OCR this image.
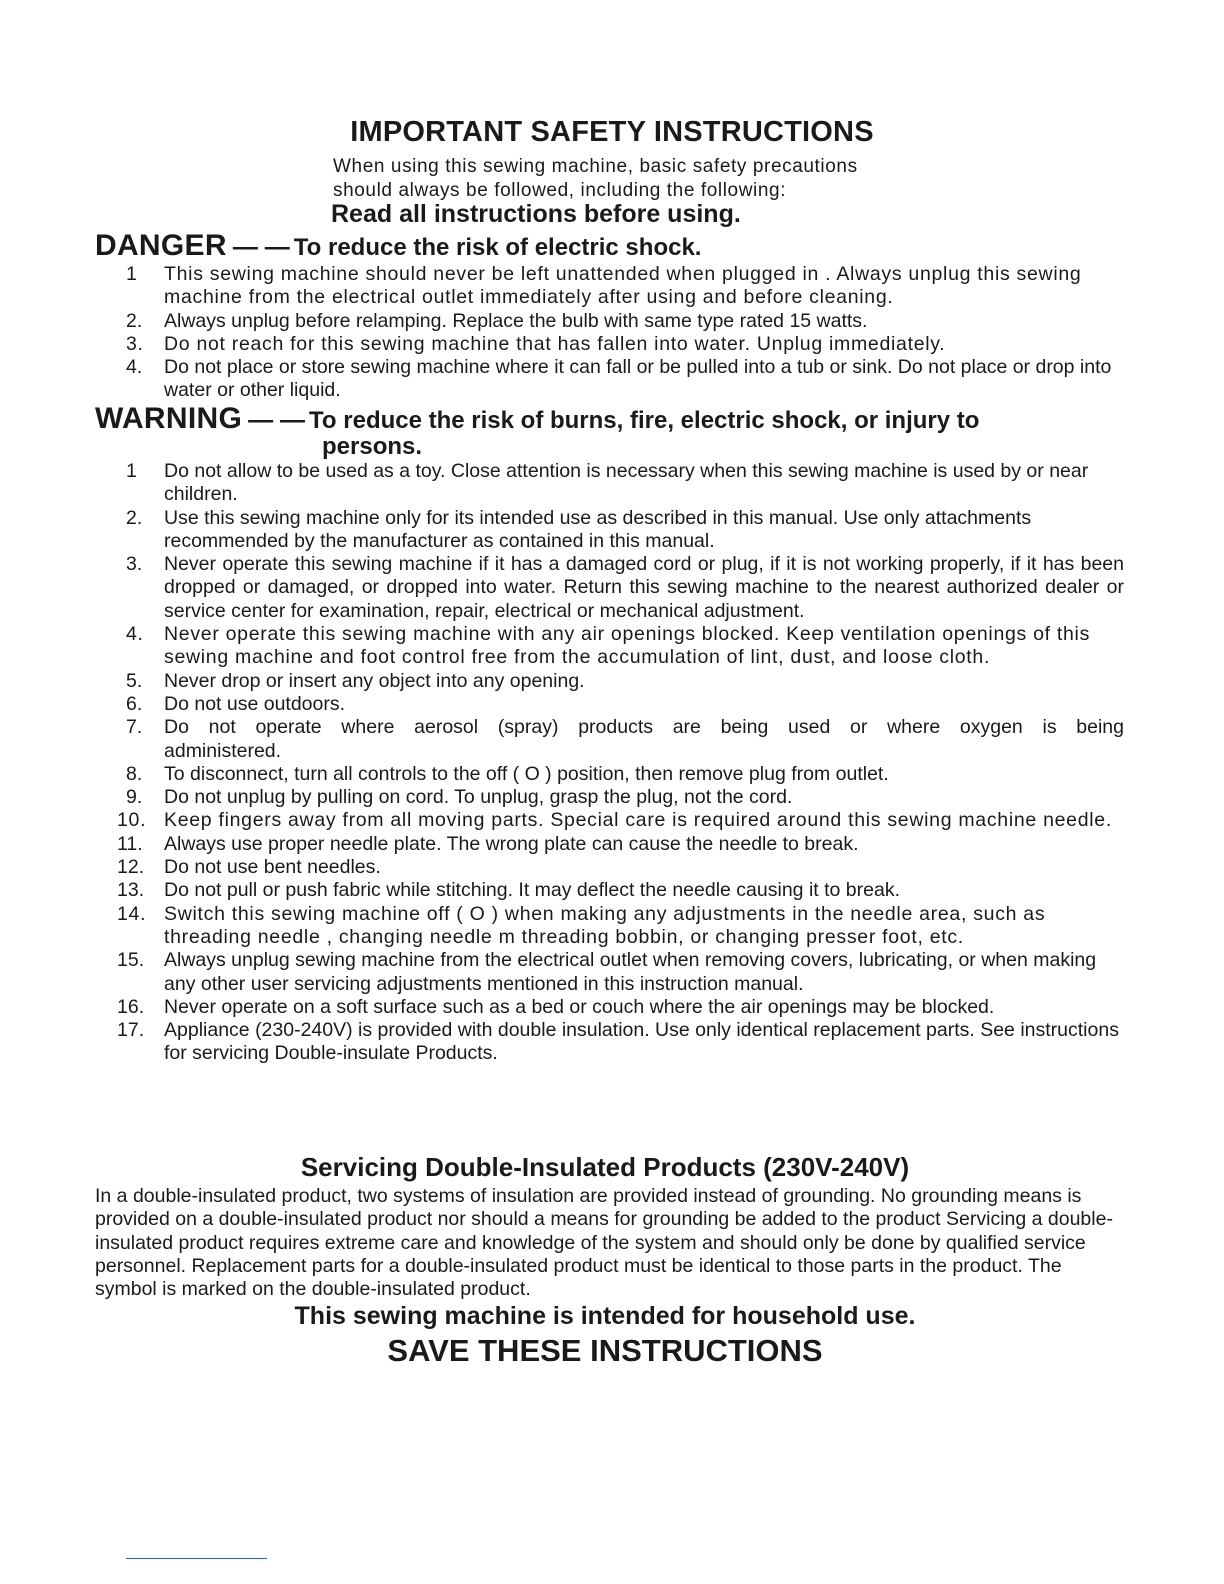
IMPORTANT SAFETY INSTRUCTIONS
When using this sewing machine, basic safety precautions
should always be followed, including the following:
Read all instructions before using.
DANGER — — To reduce the risk of electric shock.
1	This sewing machine should never be left unattended when plugged in . Always unplug this sewing machine from the electrical outlet immediately after using and before cleaning.
2.	Always unplug before relamping. Replace the bulb with same type rated 15 watts.
3.	Do not reach for this sewing machine that has fallen into water. Unplug immediately.
4.	Do not place or store sewing machine where it can fall or be pulled into a tub or sink. Do not place or drop into water or other liquid.
WARNING — — To reduce the risk of burns, fire, electric shock, or injury to
persons.
1	Do not allow to be used as a toy. Close attention is necessary when this sewing machine is used by or near children.
2.	Use this sewing machine only for its intended use as described in this manual. Use only attachments recommended by the manufacturer as contained in this manual.
3.	Never operate this sewing machine if it has a damaged cord or plug, if it is not working properly, if it has been dropped or damaged, or dropped into water. Return this sewing machine to the nearest authorized dealer or service center for examination, repair, electrical or mechanical adjustment.
4.	Never operate this sewing machine with any air openings blocked. Keep ventilation openings of this sewing machine and foot control free from the accumulation of lint, dust, and loose cloth.
5.	Never drop or insert any object into any opening.
6.	Do not use outdoors.
7.	Do not operate where aerosol (spray) products are being used or where oxygen is being administered.
8.	To disconnect, turn all controls to the off ( O ) position, then remove plug from outlet.
9.	Do not unplug by pulling on cord. To unplug, grasp the plug, not the cord.
10. Keep fingers away from all moving parts. Special care is required around this sewing machine needle.
11.	Always use proper needle plate. The wrong plate can cause the needle to break.
12.	Do not use bent needles.
13.	Do not pull or push fabric while stitching. It may deflect the needle causing it to break.
14. Switch this sewing machine off ( O ) when making any adjustments in the needle area, such as threading needle , changing needle m threading bobbin, or changing presser foot, etc.
15.	Always unplug sewing machine from the electrical outlet when removing covers, lubricating, or when making any other user servicing adjustments mentioned in this instruction manual.
16.	Never operate on a soft surface such as a bed or couch where the air openings may be blocked.
17.	Appliance (230-240V) is provided with double insulation. Use only identical replacement parts. See instructions for servicing Double-insulate Products.
Servicing Double-Insulated Products (230V-240V)
In a double-insulated product, two systems of insulation are provided instead of grounding. No grounding means is provided on a double-insulated product nor should a means for grounding be added to the product Servicing a double-insulated product requires extreme care and knowledge of the system and should only be done by qualified service personnel. Replacement parts for a double-insulated product must be identical to those parts in the product. The symbol is marked on the double-insulated product.
This sewing machine is intended for household use.
SAVE THESE INSTRUCTIONS
